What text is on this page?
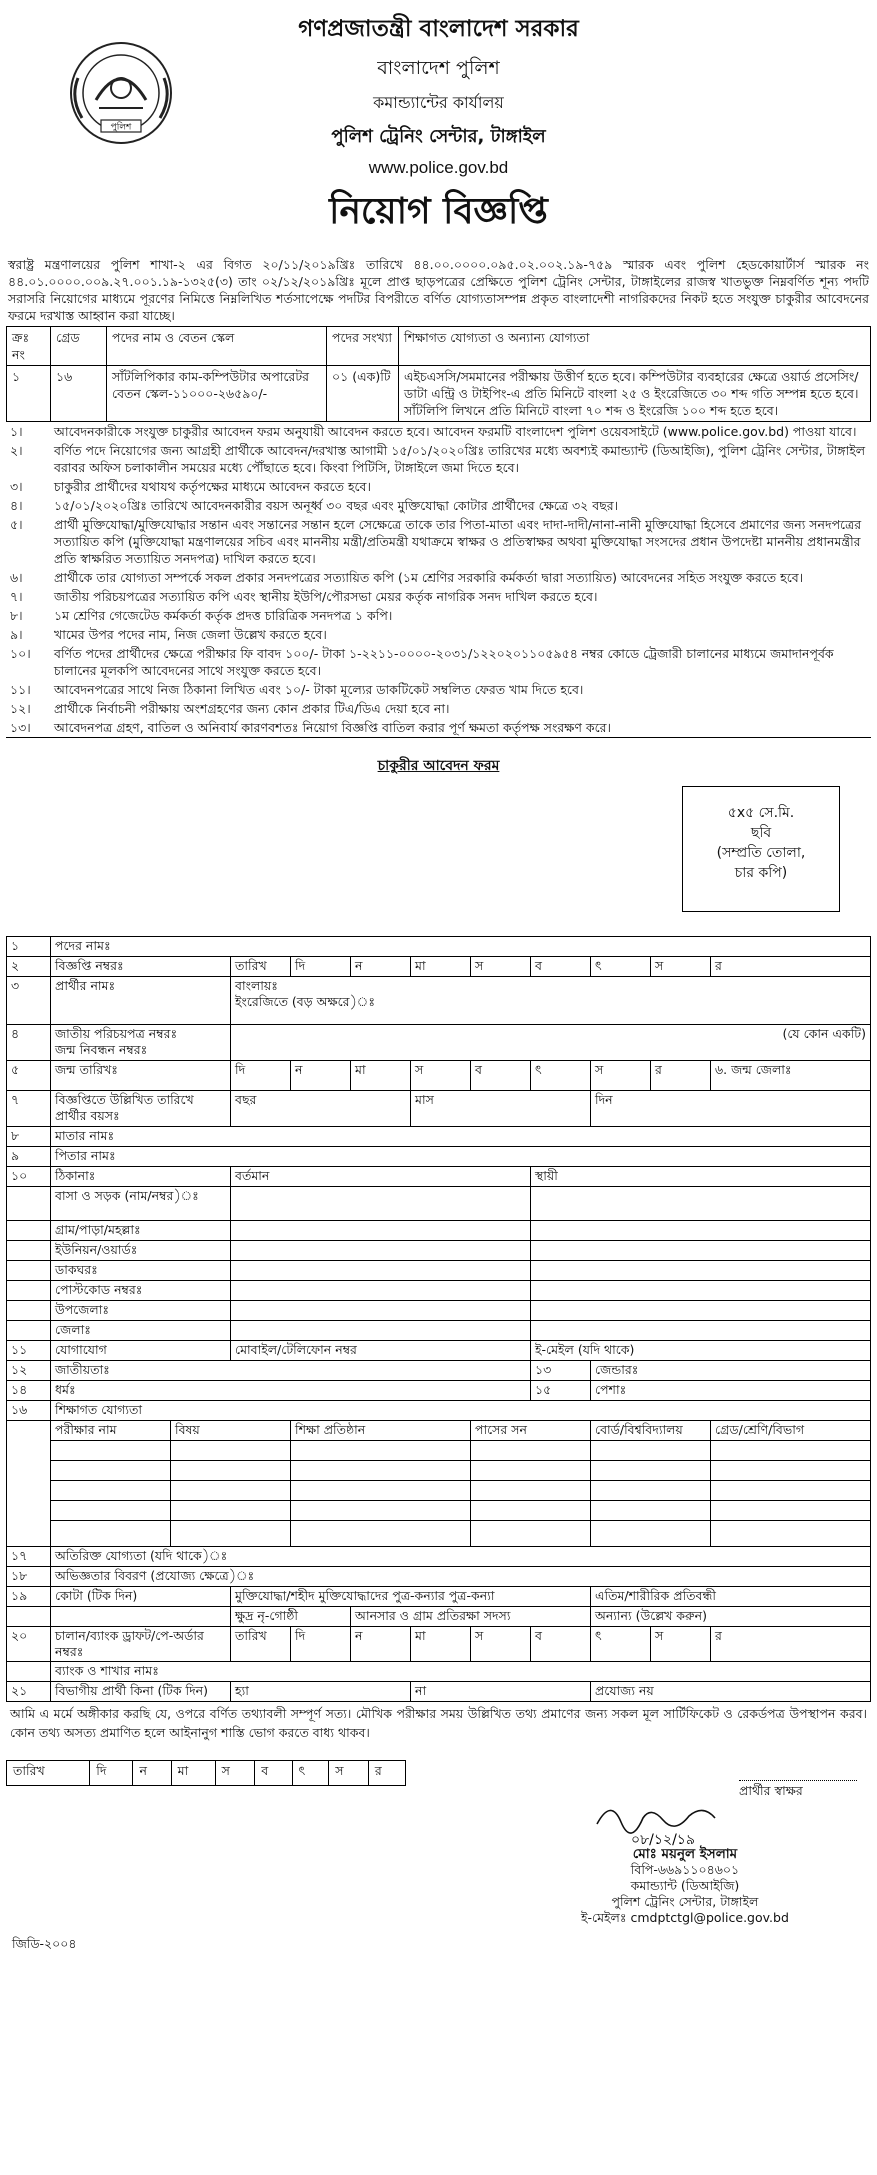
পুলিশ
গণপ্রজাতন্ত্রী বাংলাদেশ সরকার
বাংলাদেশ পুলিশ
কমান্ড্যান্টের কার্যালয়
পুলিশ ট্রেনিং সেন্টার, টাঙ্গাইল
www.police.gov.bd
নিয়োগ বিজ্ঞপ্তি
স্বরাষ্ট্র মন্ত্রণালয়ের পুলিশ শাখা-২ এর বিগত ২০/১১/২০১৯খ্রিঃ তারিখে ৪৪.০০.০০০০.০৯৫.০২.০০২.১৯-৭৫৯ স্মারক এবং পুলিশ হেডকোয়ার্টার্স স্মারক নং ৪৪.০১.০০০০.০০৯.২৭.০০১.১৯-১৩২৫(৩) তাং ০২/১২/২০১৯খ্রিঃ মূলে প্রাপ্ত ছাড়পত্রের প্রেক্ষিতে পুলিশ ট্রেনিং সেন্টার, টাঙ্গাইলের রাজস্ব খাতভুক্ত নিম্নবর্ণিত শূন্য পদটি সরাসরি নিয়োগের মাধ্যমে পূরণের নিমিত্তে নিম্নলিখিত শর্তসাপেক্ষে পদটির বিপরীতে বর্ণিত যোগ্যতাসম্পন্ন প্রকৃত বাংলাদেশী নাগরিকদের নিকট হতে সংযুক্ত চাকুরীর আবেদনের ফরমে দরখাস্ত আহ্বান করা যাচ্ছে।
ক্রঃ নং	গ্রেড	পদের নাম ও বেতন স্কেল	পদের সংখ্যা	শিক্ষাগত যোগ্যতা ও অন্যান্য যোগ্যতা
১	১৬	সাঁটলিপিকার কাম-কম্পিউটার অপারেটর বেতন স্কেল-১১০০০-২৬৫৯০/-	০১ (এক)টি	এইচএসসি/সমমানের পরীক্ষায় উত্তীর্ণ হতে হবে। কম্পিউটার ব্যবহারের ক্ষেত্রে ওয়ার্ড প্রসেসিং/ডাটা এন্ট্রি ও টাইপিং-এ প্রতি মিনিটে বাংলা ২৫ ও ইংরেজিতে ৩০ শব্দ গতি সম্পন্ন হতে হবে। সাঁটলিপি লিখনে প্রতি মিনিটে বাংলা ৭০ শব্দ ও ইংরেজি ১০০ শব্দ হতে হবে।
১।	আবেদনকারীকে সংযুক্ত চাকুরীর আবেদন ফরম অনুযায়ী আবেদন করতে হবে। আবেদন ফরমটি বাংলাদেশ পুলিশ ওয়েবসাইটে (www.police.gov.bd) পাওয়া যাবে।
২।	বর্ণিত পদে নিয়োগের জন্য আগ্রহী প্রার্থীকে আবেদন/দরখাস্ত আগামী ১৫/০১/২০২০খ্রিঃ তারিখের মধ্যে অবশ্যই কমান্ড্যান্ট (ডিআইজি), পুলিশ ট্রেনিং সেন্টার, টাঙ্গাইল বরাবর অফিস চলাকালীন সময়ের মধ্যে পৌঁছাতে হবে। কিংবা পিটিসি, টাঙ্গাইলে জমা দিতে হবে।
৩।	চাকুরীর প্রার্থীদের যথাযথ কর্তৃপক্ষের মাধ্যমে আবেদন করতে হবে।
৪।	১৫/০১/২০২০খ্রিঃ তারিখে আবেদনকারীর বয়স অনূর্ধ্ব ৩০ বছর এবং মুক্তিযোদ্ধা কোটার প্রার্থীদের ক্ষেত্রে ৩২ বছর।
৫।	প্রার্থী মুক্তিযোদ্ধা/মুক্তিযোদ্ধার সন্তান এবং সন্তানের সন্তান হলে সেক্ষেত্রে তাকে তার পিতা-মাতা এবং দাদা-দাদী/নানা-নানী মুক্তিযোদ্ধা হিসেবে প্রমাণের জন্য সনদপত্রের সত্যায়িত কপি (মুক্তিযোদ্ধা মন্ত্রণালয়ের সচিব এবং মাননীয় মন্ত্রী/প্রতিমন্ত্রী যথাক্রমে স্বাক্ষর ও প্রতিস্বাক্ষর অথবা মুক্তিযোদ্ধা সংসদের প্রধান উপদেষ্টা মাননীয় প্রধানমন্ত্রীর প্রতি স্বাক্ষরিত সত্যায়িত সনদপত্র) দাখিল করতে হবে।
৬।	প্রার্থীকে তার যোগ্যতা সম্পর্কে সকল প্রকার সনদপত্রের সত্যায়িত কপি (১ম শ্রেণির সরকারি কর্মকর্তা দ্বারা সত্যায়িত) আবেদনের সহিত সংযুক্ত করতে হবে।
৭।	জাতীয় পরিচয়পত্রের সত্যায়িত কপি এবং স্থানীয় ইউপি/পৌরসভা মেয়র কর্তৃক নাগরিক সনদ দাখিল করতে হবে।
৮।	১ম শ্রেণির গেজেটেড কর্মকর্তা কর্তৃক প্রদত্ত চারিত্রিক সনদপত্র ১ কপি।
৯।	খামের উপর পদের নাম, নিজ জেলা উল্লেখ করতে হবে।
১০।	বর্ণিত পদের প্রার্থীদের ক্ষেত্রে পরীক্ষার ফি বাবদ ১০০/- টাকা ১-২২১১-০০০০-২০৩১/১২২০২০১১০৫৯৫৪ নম্বর কোডে ট্রেজারী চালানের মাধ্যমে জমাদানপূর্বক চালানের মূলকপি আবেদনের সাথে সংযুক্ত করতে হবে।
১১।	আবেদনপত্রের সাথে নিজ ঠিকানা লিখিত এবং ১০/- টাকা মূল্যের ডাকটিকেট সম্বলিত ফেরত খাম দিতে হবে।
১২।	প্রার্থীকে নির্বাচনী পরীক্ষায় অংশগ্রহণের জন্য কোন প্রকার টিএ/ডিএ দেয়া হবে না।
১৩।	আবেদনপত্র গ্রহণ, বাতিল ও অনিবার্য কারণবশতঃ নিয়োগ বিজ্ঞপ্তি বাতিল করার পূর্ণ ক্ষমতা কর্তৃপক্ষ সংরক্ষণ করে।
চাকুরীর আবেদন ফরম
৫x৫ সে.মি.
ছবি
(সম্প্রতি তোলা,
চার কপি)
১	পদের নামঃ										
২	বিজ্ঞপ্তি নম্বরঃ		তারিখ	দি	ন	মা	স	ব	ৎ	স	র
৩	প্রার্থীর নামঃ		বাংলায়ঃ
ইংরেজিতে (বড় অক্ষরে)ঃ								

৪	জাতীয় পরিচয়পত্র নম্বরঃ
জন্ম নিবন্ধন নম্বরঃ		(যে কোন একটি)								

৫	জন্ম তারিখঃ		দি	ন	মা	স	ব	ৎ	স	র	৬. জন্ম জেলাঃ
৭	বিজ্ঞপ্তিতে উল্লিখিত তারিখে প্রার্থীর বয়সঃ		বছর			মাস			দিন		
৮	মাতার নামঃ										
৯	পিতার নামঃ										
১০	ঠিকানাঃ		বর্তমান					স্থায়ী			
	বাসা ও সড়ক (নাম/নম্বর)ঃ										
	গ্রাম/পাড়া/মহল্লাঃ										
	ইউনিয়ন/ওয়ার্ডঃ										
	ডাকঘরঃ										
	পোস্টকোড নম্বরঃ										
	উপজেলাঃ										
	জেলাঃ										
১১	যোগাযোগ		মোবাইল/টেলিফোন নম্বর					ই-মেইল (যদি থাকে)			
১২	জাতীয়তাঃ							১৩	জেন্ডারঃ		
১৪	ধর্মঃ							১৫	পেশাঃ		
১৬	শিক্ষাগত যোগ্যতা										
	পরীক্ষার নাম	বিষয়		শিক্ষা প্রতিষ্ঠান			পাসের সন		বোর্ড/বিশ্ববিদ্যালয়		গ্রেড/শ্রেণি/বিভাগ

১৭	অতিরিক্ত যোগ্যতা (যদি থাকে)ঃ										
১৮	অভিজ্ঞতার বিবরণ (প্রযোজ্য ক্ষেত্রে)ঃ										
১৯	কোটা (টিক দিন)		মুক্তিযোদ্ধা/শহীদ মুক্তিযোদ্ধাদের পুত্র-কন্যার পুত্র-কন্যা						এতিম/শারীরিক প্রতিবন্ধী		
			ক্ষুদ্র নৃ-গোষ্ঠী		আনসার ও গ্রাম প্রতিরক্ষা সদস্য				অন্যান্য (উল্লেখ করুন)		
২০	চালান/ব্যাংক ড্রাফট/পে-অর্ডার নম্বরঃ		তারিখ	দি	ন	মা	স	ব	ৎ	স	র
	ব্যাংক ও শাখার নামঃ										
২১	বিভাগীয় প্রার্থী কিনা (টিক দিন)		হ্যা			না			প্রযোজ্য নয়		
আমি এ মর্মে অঙ্গীকার করছি যে, ওপরে বর্ণিত তথ্যাবলী সম্পূর্ণ সত্য। মৌখিক পরীক্ষার সময় উল্লিখিত তথ্য প্রমাণের জন্য সকল মূল সার্টিফিকেট ও রেকর্ডপত্র উপস্থাপন করব। কোন তথ্য অসত্য প্রমাণিত হলে আইনানুগ শাস্তি ভোগ করতে বাধ্য থাকব।
তারিখ	দি	ন	মা	স	ব	ৎ	স	র
প্রার্থীর স্বাক্ষর
০৮/১২/১৯
মোঃ ময়নুল ইসলাম
বিপি-৬৬৯১১০৪৬০১
কমান্ড্যান্ট (ডিআইজি)
পুলিশ ট্রেনিং সেন্টার, টাঙ্গাইল
ই-মেইলঃ cmdptctgl@police.gov.bd
জিডি-২০০৪
